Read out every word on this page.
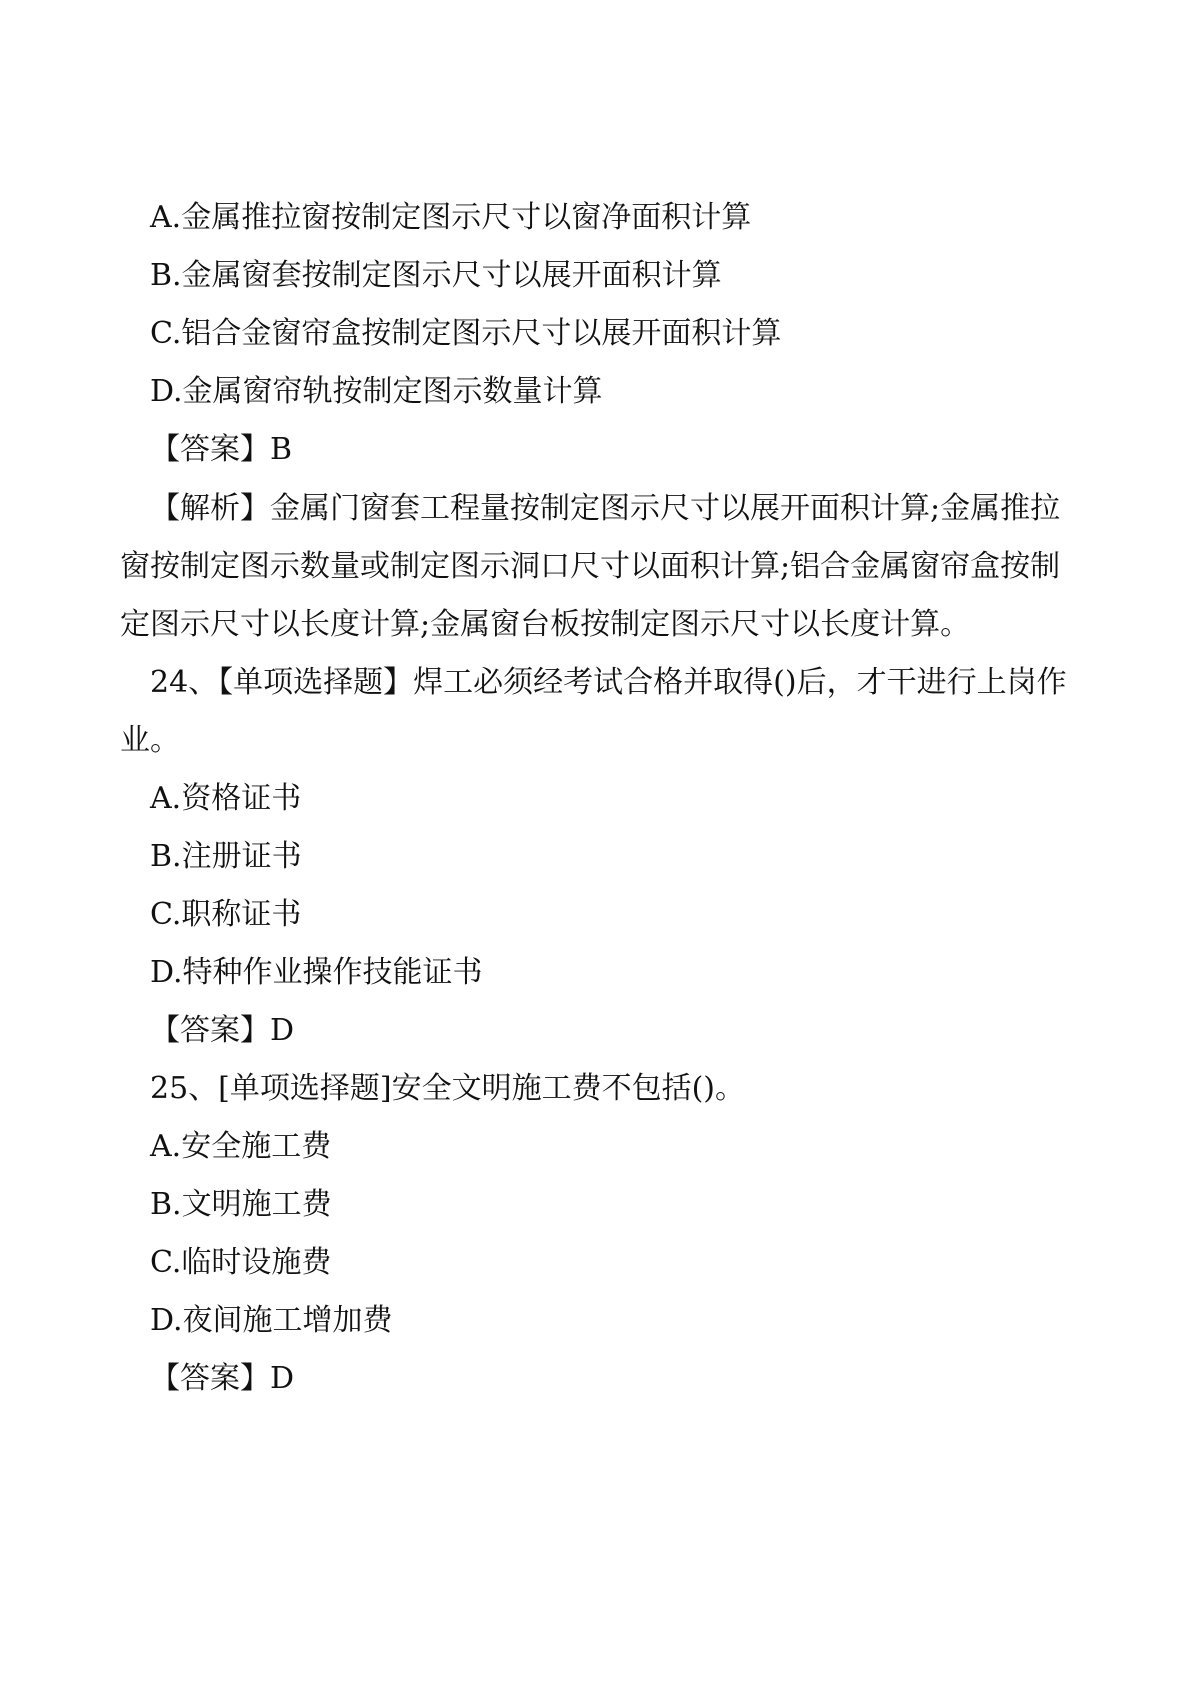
A.金属推拉窗按制定图示尺寸以窗净面积计算
B.金属窗套按制定图示尺寸以展开面积计算
C.铝合金窗帘盒按制定图示尺寸以展开面积计算
D.金属窗帘轨按制定图示数量计算
【答案】B
【解析】金属门窗套工程量按制定图示尺寸以展开面积计算;金属推拉
窗按制定图示数量或制定图示洞口尺寸以面积计算;铝合金属窗帘盒按制
定图示尺寸以长度计算;金属窗台板按制定图示尺寸以长度计算。
24、【单项选择题】焊工必须经考试合格并取得()后，才干进行上岗作
业。
A.资格证书
B.注册证书
C.职称证书
D.特种作业操作技能证书
【答案】D
25、[单项选择题]安全文明施工费不包括()。
A.安全施工费
B.文明施工费
C.临时设施费
D.夜间施工增加费
【答案】D
